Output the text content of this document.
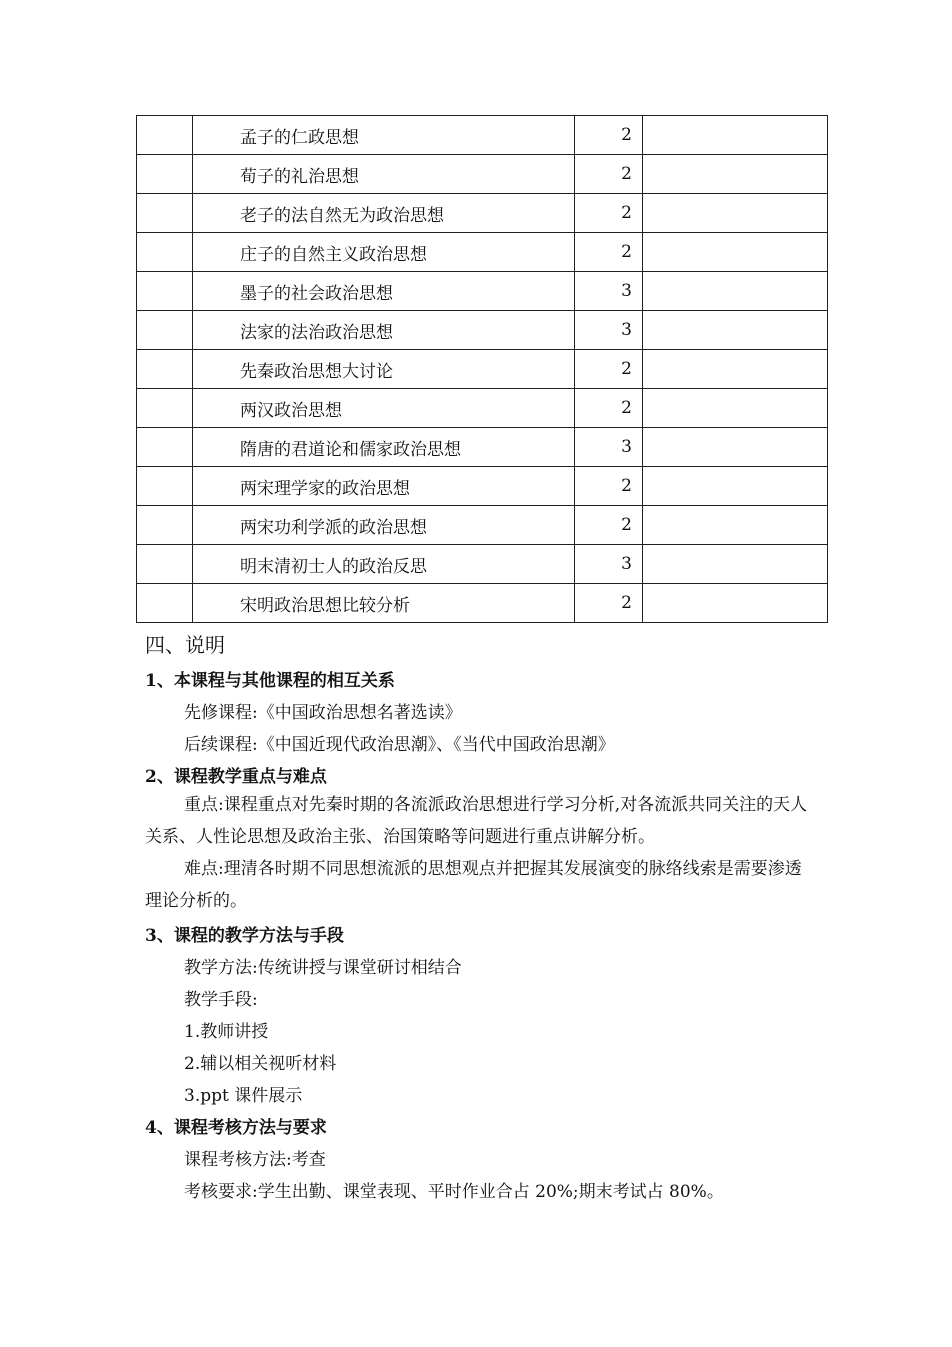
	孟子的仁政思想	2	
	荀子的礼治思想	2	
	老子的法自然无为政治思想	2	
	庄子的自然主义政治思想	2	
	墨子的社会政治思想	3	
	法家的法治政治思想	3	
	先秦政治思想大讨论	2	
	两汉政治思想	2	
	隋唐的君道论和儒家政治思想	3	
	两宋理学家的政治思想	2	
	两宋功利学派的政治思想	2	
	明末清初士人的政治反思	3	
	宋明政治思想比较分析	2	
四、说明
1、本课程与其他课程的相互关系
先修课程:《中国政治思想名著选读》
后续课程:《中国近现代政治思潮》、《当代中国政治思潮》
2、课程教学重点与难点
重点:课程重点对先秦时期的各流派政治思想进行学习分析,对各流派共同关注的天人关系、人性论思想及政治主张、治国策略等问题进行重点讲解分析。
难点:理清各时期不同思想流派的思想观点并把握其发展演变的脉络线索是需要渗透理论分析的。
3、课程的教学方法与手段
教学方法:传统讲授与课堂研讨相结合
教学手段:
1.教师讲授
2.辅以相关视听材料
3.ppt 课件展示
4、课程考核方法与要求
课程考核方法:考查
考核要求:学生出勤、课堂表现、平时作业合占 20%;期末考试占 80%。
